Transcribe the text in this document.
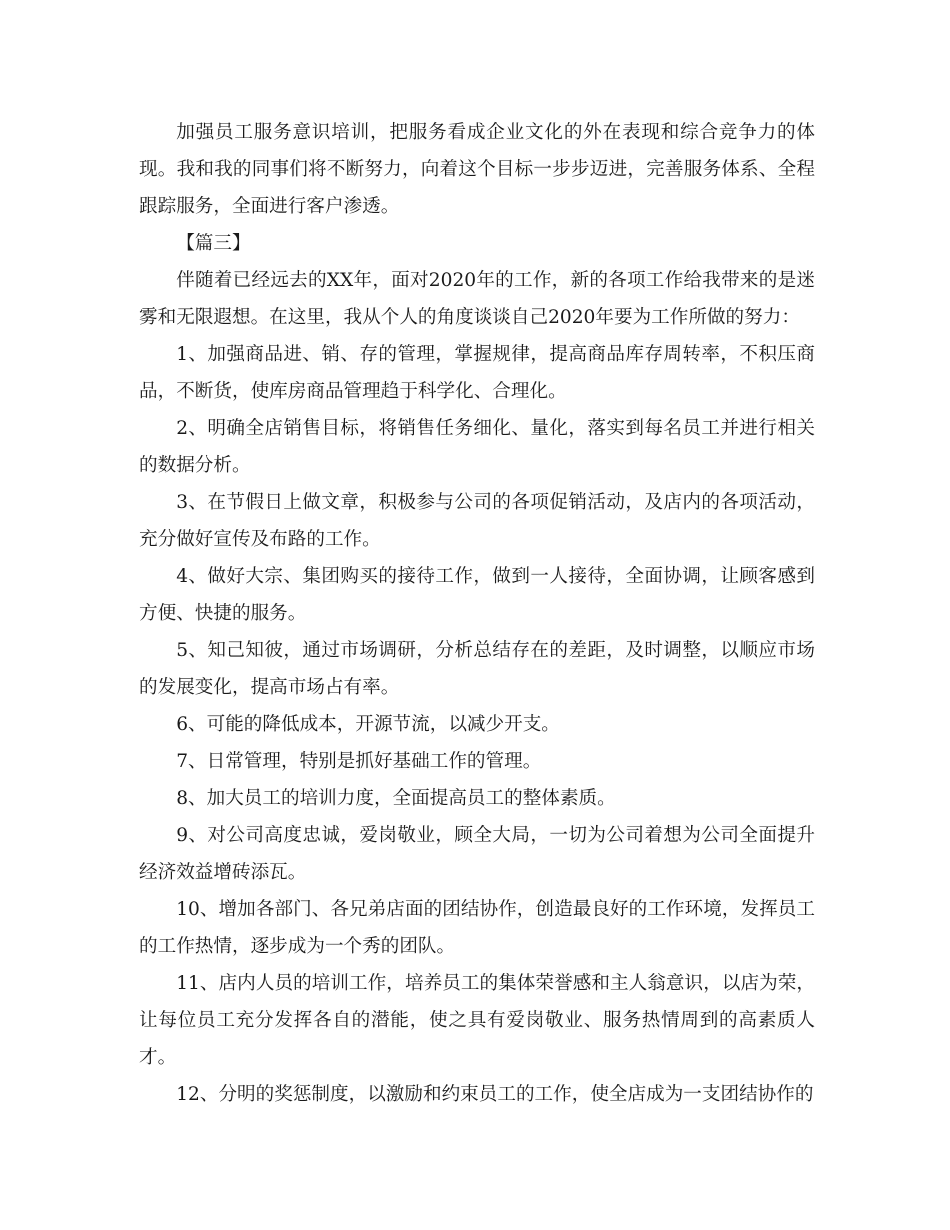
加强员工服务意识培训，把服务看成企业文化的外在表现和综合竞争力的体现。我和我的同事们将不断努力，向着这个目标一步步迈进，完善服务体系、全程跟踪服务，全面进行客户渗透。

【篇三】

伴随着已经远去的XX年，面对2020年的工作，新的各项工作给我带来的是迷雾和无限遐想。在这里，我从个人的角度谈谈自己2020年要为工作所做的努力：

1、加强商品进、销、存的管理，掌握规律，提高商品库存周转率，不积压商品，不断货，使库房商品管理趋于科学化、合理化。

2、明确全店销售目标，将销售任务细化、量化，落实到每名员工并进行相关的数据分析。

3、在节假日上做文章，积极参与公司的各项促销活动，及店内的各项活动，充分做好宣传及布路的工作。

4、做好大宗、集团购买的接待工作，做到一人接待，全面协调，让顾客感到方便、快捷的服务。

5、知己知彼，通过市场调研，分析总结存在的差距，及时调整，以顺应市场的发展变化，提高市场占有率。

6、可能的降低成本，开源节流，以减少开支。

7、日常管理，特别是抓好基础工作的管理。

8、加大员工的培训力度，全面提高员工的整体素质。

9、对公司高度忠诚，爱岗敬业，顾全大局，一切为公司着想为公司全面提升经济效益增砖添瓦。

10、增加各部门、各兄弟店面的团结协作，创造最良好的工作环境，发挥员工的工作热情，逐步成为一个秀的团队。

11、店内人员的培训工作，培养员工的集体荣誉感和主人翁意识，以店为荣，让每位员工充分发挥各自的潜能，使之具有爱岗敬业、服务热情周到的高素质人才。

12、分明的奖惩制度，以激励和约束员工的工作，使全店成为一支团结协作的
